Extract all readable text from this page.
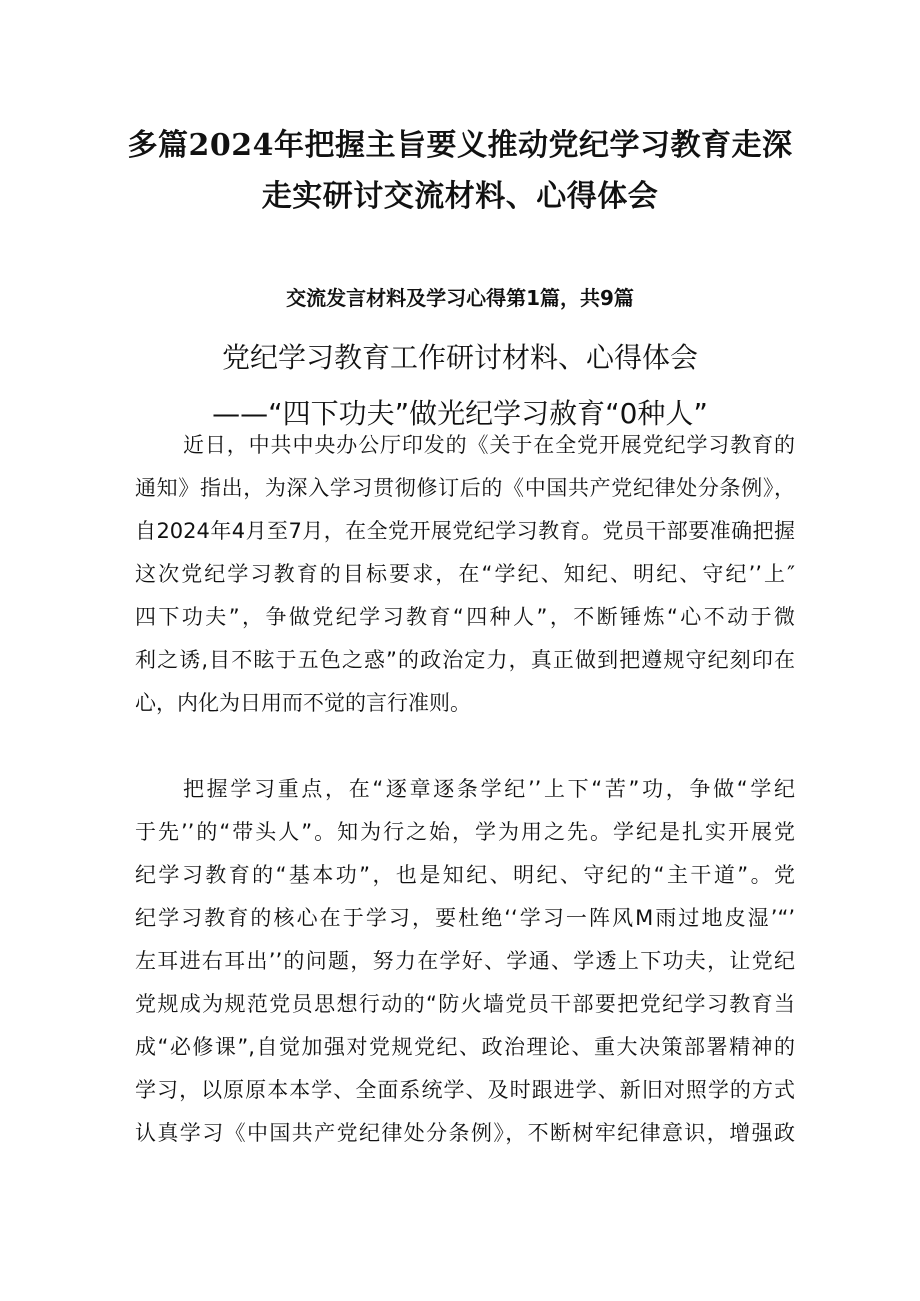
多篇2024年把握主旨要义推动党纪学习教育走深
走实研讨交流材料、心得体会
交流发言材料及学习心得第1篇，共9篇
党纪学习教育工作研讨材料、心得体会
——“四下功夫”做光纪学习赦育“0种人”
近日，中共中央办公厅印发的《关于在全党开展党纪学习教育的
通知》指出，为深入学习贯彻修订后的《中国共产党纪律处分条例》，
自2024年4月至7月，在全党开展党纪学习教育。党员干部要准确把握
这次党纪学习教育的目标要求，在“学纪、知纪、明纪、守纪’’上″
四下功夫”，争做党纪学习教育“四种人”，不断锤炼“心不动于微
利之诱,目不眩于五色之惑”的政治定力，真正做到把遵规守纪刻印在
心，内化为日用而不觉的言行准则。
把握学习重点，在“逐章逐条学纪’’上下“苦”功，争做“学纪
于先’’的“带头人”。知为行之始，学为用之先。学纪是扎实开展党
纪学习教育的“基本功”，也是知纪、明纪、守纪的“主干道”。党
纪学习教育的核心在于学习，要杜绝‘‘学习一阵风M雨过地皮湿’“’
左耳进右耳出’’的问题，努力在学好、学通、学透上下功夫，让党纪
党规成为规范党员思想行动的“防火墙党员干部要把党纪学习教育当
成“必修课”,自觉加强对党规党纪、政治理论、重大决策部署精神的
学习，以原原本本学、全面系统学、及时跟进学、新旧对照学的方式
认真学习《中国共产党纪律处分条例》，不断树牢纪律意识，增强政
